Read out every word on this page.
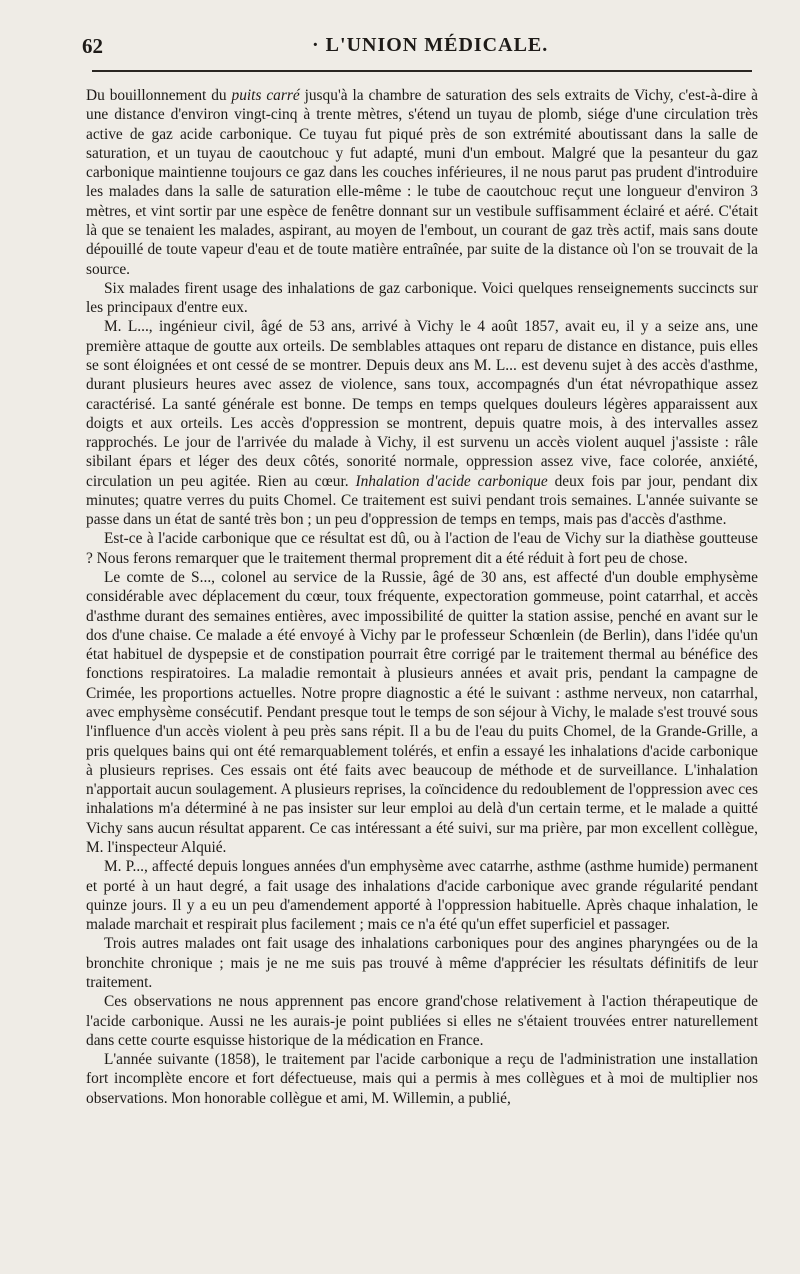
62	· L'UNION MÉDICALE.

Du bouillonnement du puits carré jusqu'à la chambre de saturation des sels extraits de Vichy, c'est-à-dire à une distance d'environ vingt-cinq à trente mètres, s'étend un tuyau de plomb, siége d'une circulation très active de gaz acide carbonique. Ce tuyau fut piqué près de son extrémité aboutissant dans la salle de saturation, et un tuyau de caoutchouc y fut adapté, muni d'un embout. Malgré que la pesanteur du gaz carbonique maintienne toujours ce gaz dans les couches inférieures, il ne nous parut pas prudent d'introduire les malades dans la salle de saturation elle-même : le tube de caoutchouc reçut une longueur d'environ 3 mètres, et vint sortir par une espèce de fenêtre donnant sur un vestibule suffisamment éclairé et aéré. C'était là que se tenaient les malades, aspirant, au moyen de l'embout, un courant de gaz très actif, mais sans doute dépouillé de toute vapeur d'eau et de toute matière entraînée, par suite de la distance où l'on se trouvait de la source.

Six malades firent usage des inhalations de gaz carbonique. Voici quelques renseignements succincts sur les principaux d'entre eux.

M. L..., ingénieur civil, âgé de 53 ans, arrivé à Vichy le 4 août 1857, avait eu, il y a seize ans, une première attaque de goutte aux orteils. De semblables attaques ont reparu de distance en distance, puis elles se sont éloignées et ont cessé de se montrer. Depuis deux ans M. L... est devenu sujet à des accès d'asthme, durant plusieurs heures avec assez de violence, sans toux, accompagnés d'un état névropathique assez caractérisé. La santé générale est bonne. De temps en temps quelques douleurs légères apparaissent aux doigts et aux orteils. Les accès d'oppression se montrent, depuis quatre mois, à des intervalles assez rapprochés. Le jour de l'arrivée du malade à Vichy, il est survenu un accès violent auquel j'assiste : râle sibilant épars et léger des deux côtés, sonorité normale, oppression assez vive, face colorée, anxiété, circulation un peu agitée. Rien au cœur. Inhalation d'acide carbonique deux fois par jour, pendant dix minutes; quatre verres du puits Chomel. Ce traitement est suivi pendant trois semaines. L'année suivante se passe dans un état de santé très bon ; un peu d'oppression de temps en temps, mais pas d'accès d'asthme.

Est-ce à l'acide carbonique que ce résultat est dû, ou à l'action de l'eau de Vichy sur la diathèse goutteuse ? Nous ferons remarquer que le traitement thermal proprement dit a été réduit à fort peu de chose.

Le comte de S..., colonel au service de la Russie, âgé de 30 ans, est affecté d'un double emphysème considérable avec déplacement du cœur, toux fréquente, expectoration gommeuse, point catarrhal, et accès d'asthme durant des semaines entières, avec impossibilité de quitter la station assise, penché en avant sur le dos d'une chaise. Ce malade a été envoyé à Vichy par le professeur Schœnlein (de Berlin), dans l'idée qu'un état habituel de dyspepsie et de constipation pourrait être corrigé par le traitement thermal au bénéfice des fonctions respiratoires. La maladie remontait à plusieurs années et avait pris, pendant la campagne de Crimée, les proportions actuelles. Notre propre diagnostic a été le suivant : asthme nerveux, non catarrhal, avec emphysème consécutif. Pendant presque tout le temps de son séjour à Vichy, le malade s'est trouvé sous l'influence d'un accès violent à peu près sans répit. Il a bu de l'eau du puits Chomel, de la Grande-Grille, a pris quelques bains qui ont été remarquablement tolérés, et enfin a essayé les inhalations d'acide carbonique à plusieurs reprises. Ces essais ont été faits avec beaucoup de méthode et de surveillance. L'inhalation n'apportait aucun soulagement. A plusieurs reprises, la coïncidence du redoublement de l'oppression avec ces inhalations m'a déterminé à ne pas insister sur leur emploi au delà d'un certain terme, et le malade a quitté Vichy sans aucun résultat apparent. Ce cas intéressant a été suivi, sur ma prière, par mon excellent collègue, M. l'inspecteur Alquié.

M. P..., affecté depuis longues années d'un emphysème avec catarrhe, asthme (asthme humide) permanent et porté à un haut degré, a fait usage des inhalations d'acide carbonique avec grande régularité pendant quinze jours. Il y a eu un peu d'amendement apporté à l'oppression habituelle. Après chaque inhalation, le malade marchait et respirait plus facilement ; mais ce n'a été qu'un effet superficiel et passager.

Trois autres malades ont fait usage des inhalations carboniques pour des angines pharyngées ou de la bronchite chronique ; mais je ne me suis pas trouvé à même d'apprécier les résultats définitifs de leur traitement.

Ces observations ne nous apprennent pas encore grand'chose relativement à l'action thérapeutique de l'acide carbonique. Aussi ne les aurais-je point publiées si elles ne s'étaient trouvées entrer naturellement dans cette courte esquisse historique de la médication en France.

L'année suivante (1858), le traitement par l'acide carbonique a reçu de l'administration une installation fort incomplète encore et fort défectueuse, mais qui a permis à mes collègues et à moi de multiplier nos observations. Mon honorable collègue et ami, M. Willemin, a publié,
